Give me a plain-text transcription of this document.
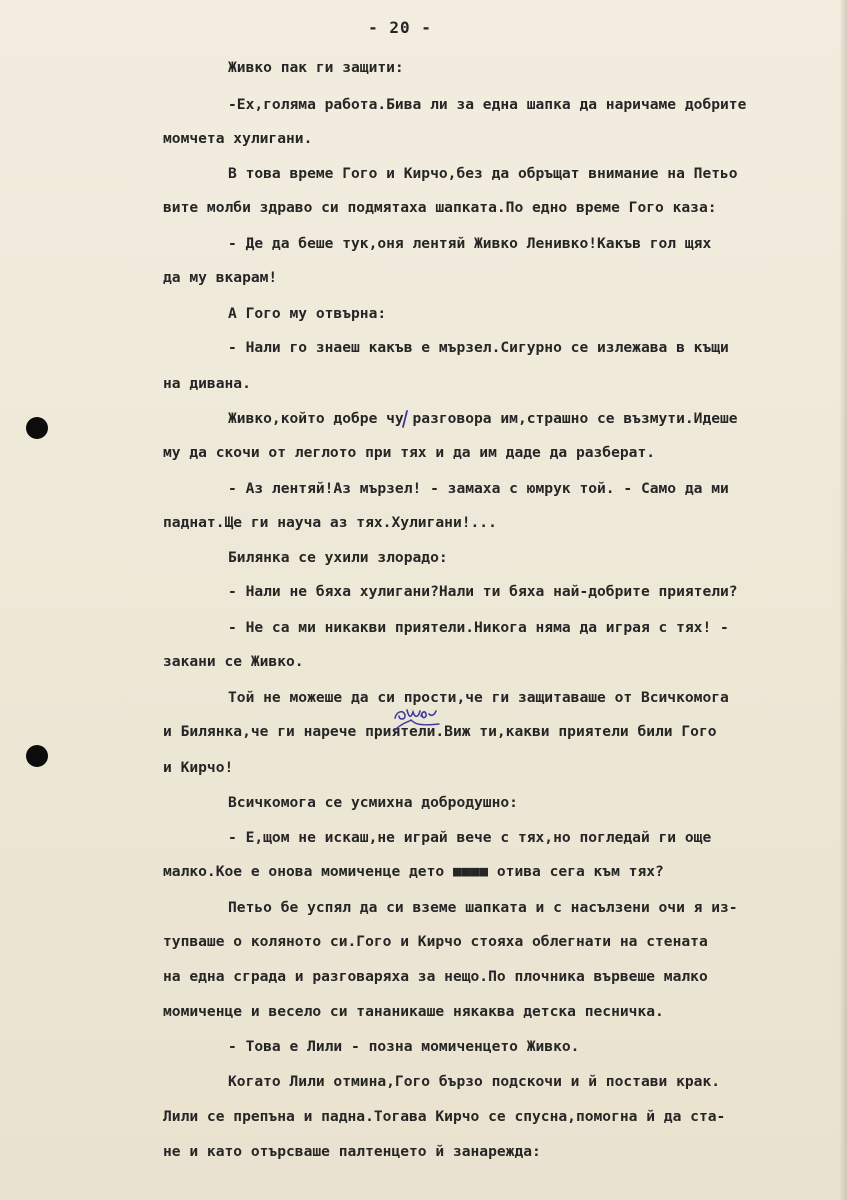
- 20 -
Живко пак ги защити:
-Ех,голяма работа.Бива ли за една шапка да наричаме добрите
момчета хулигани.
В това време Гого и Кирчо,без да обръщат внимание на Петьо
вите молби здраво си подмятаха шапката.По едно време Гого каза:
- Де да беше тук,оня лентяй Живко Ленивко!Какъв гол щях
да му вкарам!
А Гого му отвърна:
- Нали го знаеш какъв е мързел.Сигурно се излежава в къщи
на дивана.
Живко,който добре чу разговора им,страшно се възмути.Идеше
му да скочи от леглото при тях и да им даде да разберат.
- Аз лентяй!Аз мързел! - замаха с юмрук той. - Само да ми
паднат.Ще ги науча аз тях.Хулигани!...
Билянка се ухили злорадо:
- Нали не бяха хулигани?Нали ти бяха най-добрите приятели?
- Не са ми никакви приятели.Никога няма да играя с тях! -
закани се Живко.
Той не можеше да си прости,че ги защитаваше от Всичкомога
и Билянка,че ги нарече приятели.Виж ти,какви приятели били Гого
и Кирчо!
Всичкомога се усмихна добродушно:
- Е,щом не искаш,не играй вече с тях,но погледай ги още
малко.Кое е онова момиченце дето ■■■■ отива сега към тях?
Петьо бе успял да си вземе шапката и с насълзени очи я из-
тупваше о коляното си.Гого и Кирчо стояха облегнати на стената
на една сграда и разговаряха за нещо.По плочника вървеше малко
момиченце и весело си тананикаше някаква детска песничка.
- Това е Лили - позна момиченцето Живко.
Когато Лили отмина,Гого бързо подскочи и й постави крак.
Лили се препъна и падна.Тогава Кирчо се спусна,помогна й да ста-
не и като отърсваше палтенцето й занарежда:
